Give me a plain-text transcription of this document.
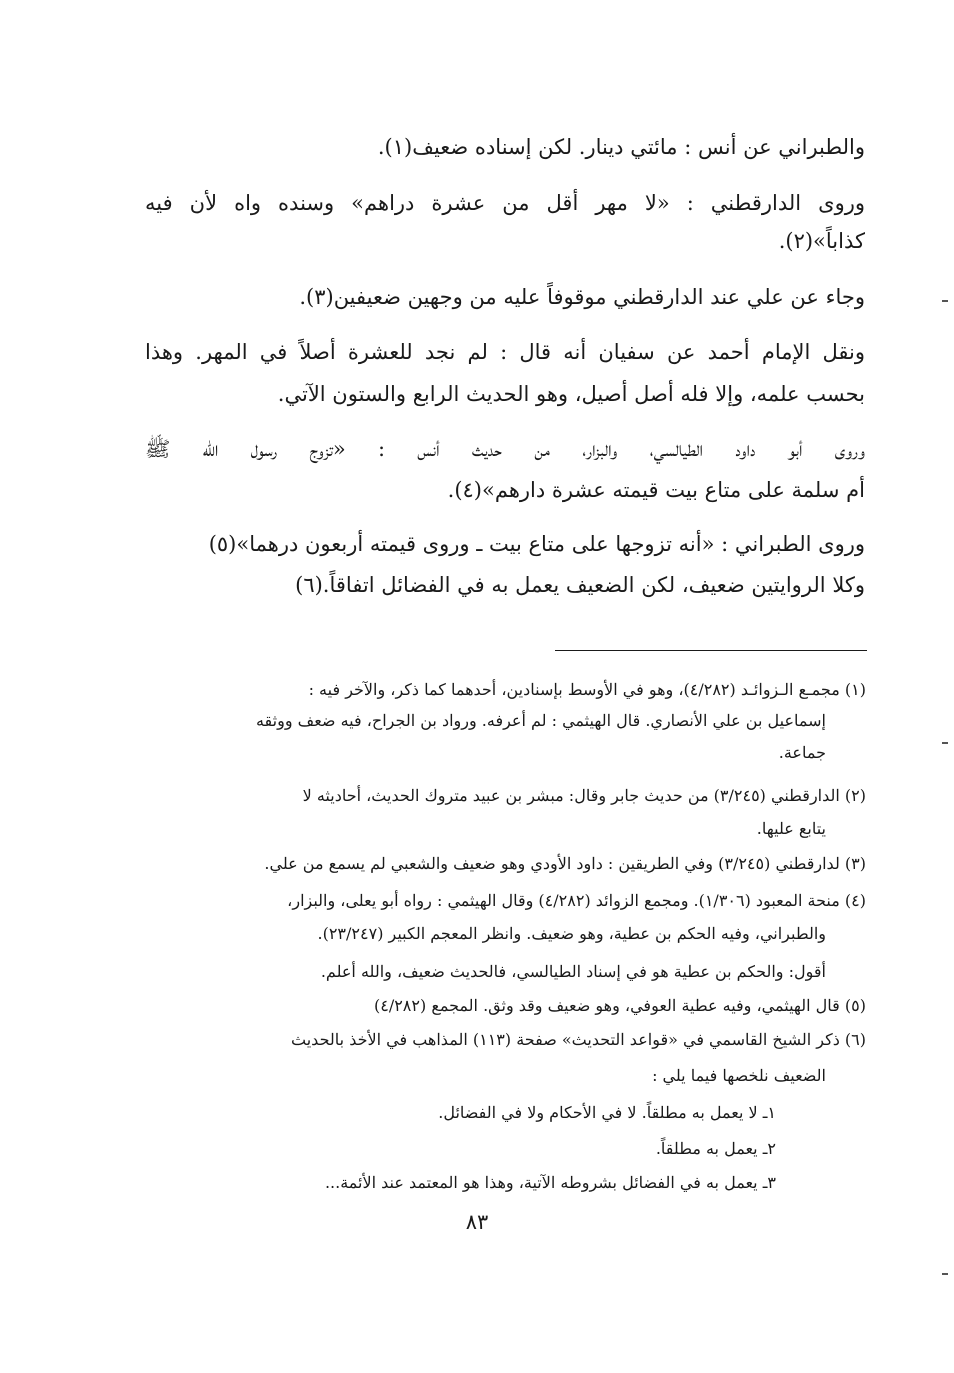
والطبراني عن أنس : مائتي دينار. لكن إسناده ضعيف(١).

وروى الدارقطني : «لا مهر أقل من عشرة دراهم» وسنده واه لأن فيه

كذاباً»(٢).

وجاء عن علي عند الدارقطني موقوفاً عليه من وجهين ضعيفين(٣).

ونقل الإمام أحمد عن سفيان أنه قال : لم نجد للعشرة أصلاً في المهر. وهذا

بحسب علمه، وإلا فله أصل أصيل، وهو الحديث الرابع والستون الآتي.

وروى أبو داود الطيالسي، والبزار، من حديث أنس : «تزوج رسول الله ﷺ

أم سلمة على متاع بيت قيمته عشرة دارهم»(٤).

وروى الطبراني : «أنه تزوجها على متاع بيت ـ وروى قيمته أربعون درهما»(٥)

وكلا الروايتين ضعيف، لكن الضعيف يعمل به في الفضائل اتفاقاً.(٦)

(١) مجمـع الـزوائـد (٤/٢٨٢)، وهو في الأوسط بإسنادين، أحدهما كما ذكر، والآخر فيه :

إسماعيل بن علي الأنصاري. قال الهيثمي : لم أعرفه. ورواد بن الجراح، فيه ضعف ووثقه

جماعة.

(٢) الدارقطني (٣/٢٤٥) من حديث جابر وقال: مبشر بن عبيد متروك الحديث، أحاديثه لا

يتابع عليها.

(٣) لدارقطني (٣/٢٤٥) وفي الطريقين : داود الأودي وهو ضعيف والشعبي لم يسمع من علي.

(٤) منحة المعبود (١/٣٠٦). ومجمع الزوائد (٤/٢٨٢) وقال الهيثمي : رواه أبو يعلى، والبزار،

والطبراني، وفيه الحكم بن عطية، وهو ضعيف. وانظر المعجم الكبير (٢٣/٢٤٧).

أقول: والحكم بن عطية هو في إسناد الطيالسي، فالحديث ضعيف، والله أعلم.

(٥) قال الهيثمي، وفيه عطية العوفي، وهو ضعيف وقد وثق. المجمع (٤/٢٨٢)

(٦) ذكر الشيخ القاسمي في «قواعد التحديث» صفحة (١١٣) المذاهب في الأخذ بالحديث

الضعيف نلخصها فيما يلي :

١ـ لا يعمل به مطلقاً. لا في الأحكام ولا في الفضائل.

٢ـ يعمل به مطلقاً.

٣ـ يعمل به في الفضائل بشروطه الآتية، وهذا هو المعتمد عند الأئمة...

٨٣
